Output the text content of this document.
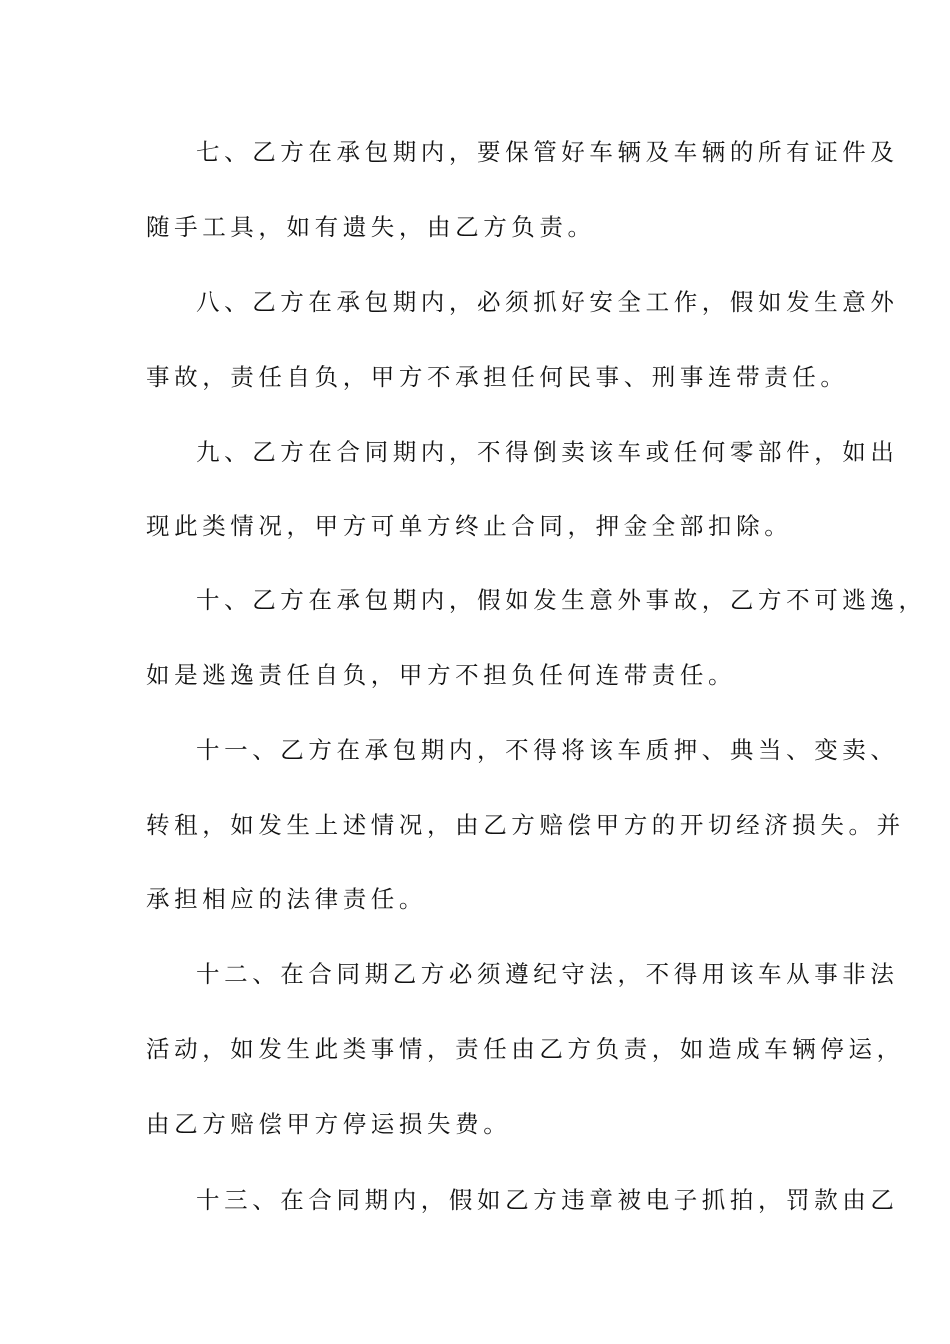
七、乙方在承包期内，要保管好车辆及车辆的所有证件及
随手工具，如有遗失，由乙方负责。
八、乙方在承包期内，必须抓好安全工作，假如发生意外
事故，责任自负，甲方不承担任何民事、刑事连带责任。
九、乙方在合同期内，不得倒卖该车或任何零部件，如出
现此类情况，甲方可单方终止合同，押金全部扣除。
十、乙方在承包期内，假如发生意外事故，乙方不可逃逸，
如是逃逸责任自负，甲方不担负任何连带责任。
十一、乙方在承包期内，不得将该车质押、典当、变卖、
转租，如发生上述情况，由乙方赔偿甲方的开切经济损失。并
承担相应的法律责任。
十二、在合同期乙方必须遵纪守法，不得用该车从事非法
活动，如发生此类事情，责任由乙方负责，如造成车辆停运，
由乙方赔偿甲方停运损失费。
十三、在合同期内，假如乙方违章被电子抓拍，罚款由乙
